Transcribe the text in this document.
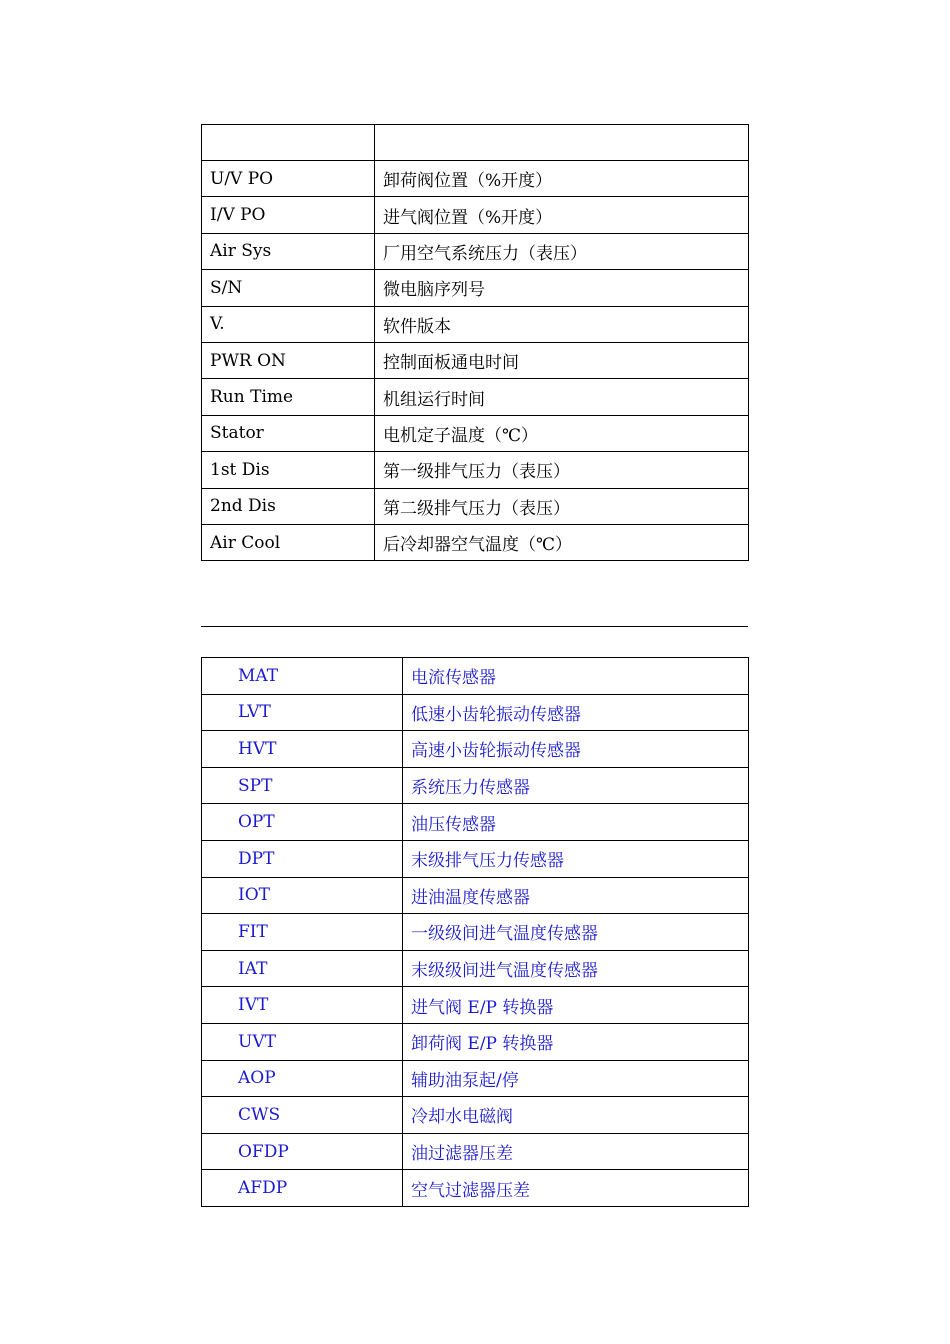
U/V PO	卸荷阀位置（%开度）
I/V PO	进气阀位置（%开度）
Air Sys	厂用空气系统压力（表压）
S/N	微电脑序列号
V.	软件版本
PWR ON	控制面板通电时间
Run Time	机组运行时间
Stator	电机定子温度（℃）
1st Dis	第一级排气压力（表压）
2nd Dis	第二级排气压力（表压）
Air Cool	后冷却器空气温度（℃）
MAT	电流传感器
LVT	低速小齿轮振动传感器
HVT	高速小齿轮振动传感器
SPT	系统压力传感器
OPT	油压传感器
DPT	末级排气压力传感器
IOT	进油温度传感器
FIT	一级级间进气温度传感器
IAT	末级级间进气温度传感器
IVT	进气阀 E/P 转换器
UVT	卸荷阀 E/P 转换器
AOP	辅助油泵起/停
CWS	冷却水电磁阀
OFDP	油过滤器压差
AFDP	空气过滤器压差
